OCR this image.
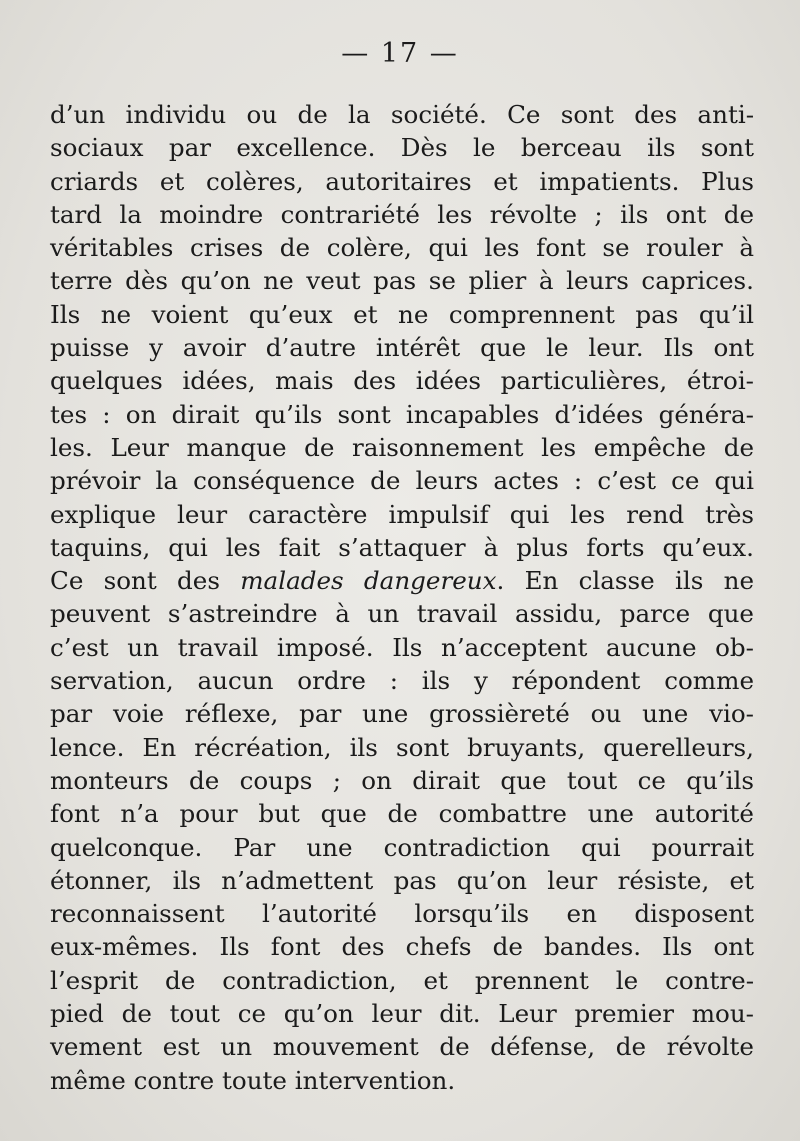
— 17 —
d’un individu ou de la société. Ce sont des anti-
sociaux par excellence. Dès le berceau ils sont
criards et colères, autoritaires et impatients. Plus
tard la moindre contrariété les révolte ; ils ont de
véritables crises de colère, qui les font se rouler à
terre dès qu’on ne veut pas se plier à leurs caprices.
Ils ne voient qu’eux et ne comprennent pas qu’il
puisse y avoir d’autre intérêt que le leur. Ils ont
quelques idées, mais des idées particulières, étroi-
tes : on dirait qu’ils sont incapables d’idées généra-
les. Leur manque de raisonnement les empêche de
prévoir la conséquence de leurs actes : c’est ce qui
explique leur caractère impulsif qui les rend très
taquins, qui les fait s’attaquer à plus forts qu’eux.
Ce sont des malades dangereux. En classe ils ne
peuvent s’astreindre à un travail assidu, parce que
c’est un travail imposé. Ils n’acceptent aucune ob-
servation, aucun ordre : ils y répondent comme
par voie réflexe, par une grossièreté ou une vio-
lence. En récréation, ils sont bruyants, querelleurs,
monteurs de coups ; on dirait que tout ce qu’ils
font n’a pour but que de combattre une autorité
quelconque. Par une contradiction qui pourrait
étonner, ils n’admettent pas qu’on leur résiste, et
reconnaissent l’autorité lorsqu’ils en disposent
eux-mêmes. Ils font des chefs de bandes. Ils ont
l’esprit de contradiction, et prennent le contre-
pied de tout ce qu’on leur dit. Leur premier mou-
vement est un mouvement de défense, de révolte
même contre toute intervention.
